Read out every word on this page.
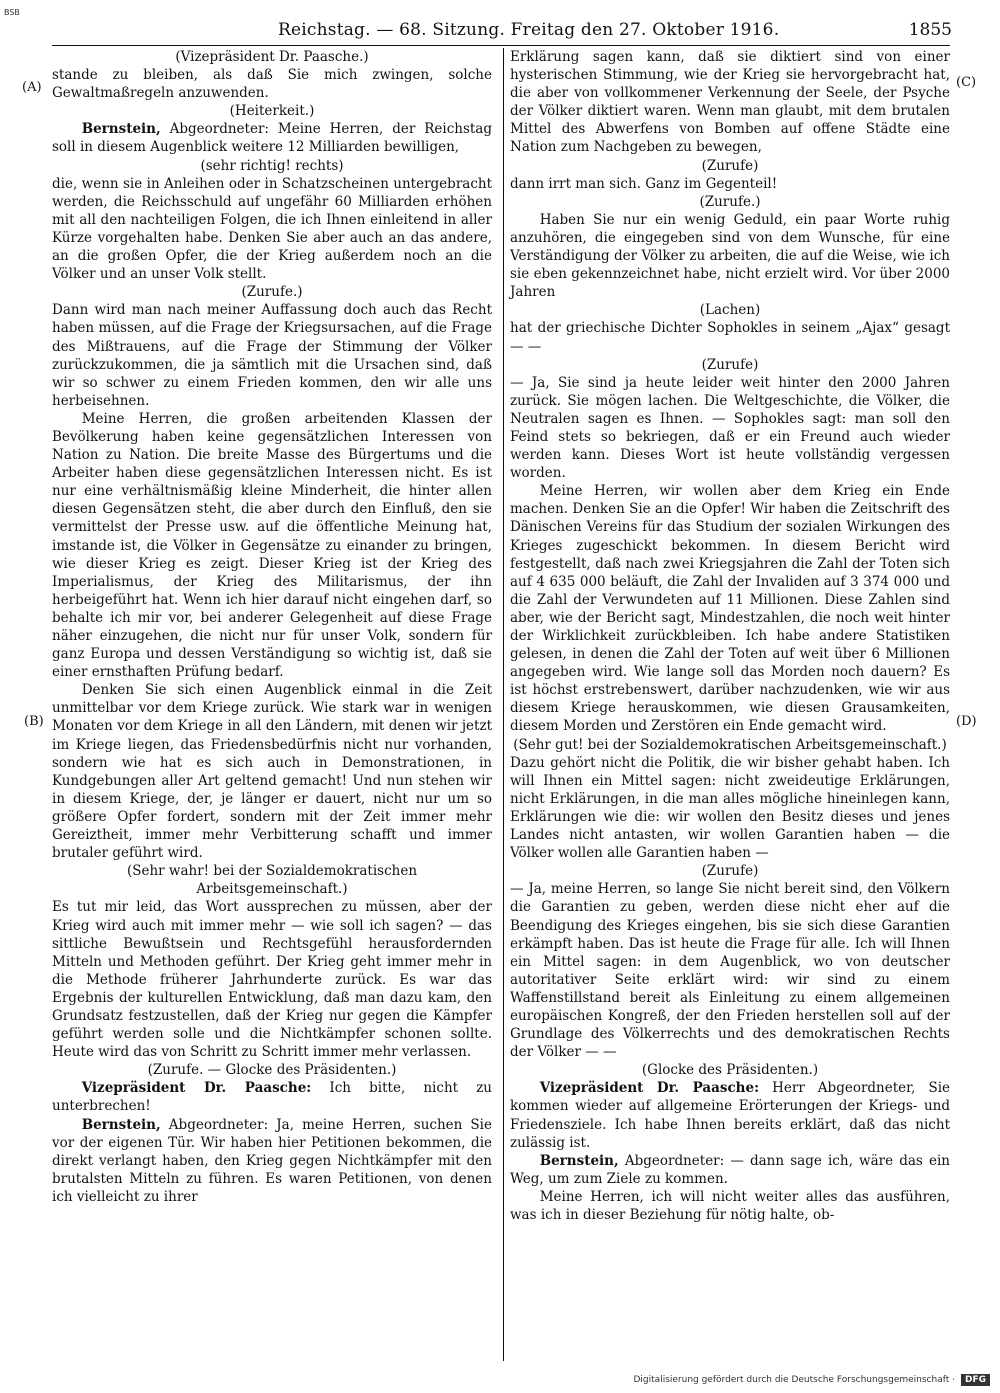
BSB
Reichstag. — 68. Sitzung. Freitag den 27. Oktober 1916.	1855
(A)
(B)
(C)
(D)

(Vizepräsident Dr. Paasche.)

stande zu bleiben, als daß Sie mich zwingen, solche Gewaltmaßregeln anzuwenden.

(Heiterkeit.)

Bernstein, Abgeordneter: Meine Herren, der Reichstag soll in diesem Augenblick weitere 12 Milliarden bewilligen,

(sehr richtig! rechts)

die, wenn sie in Anleihen oder in Schatzscheinen untergebracht werden, die Reichsschuld auf ungefähr 60 Milliarden erhöhen mit all den nachteiligen Folgen, die ich Ihnen einleitend in aller Kürze vorgehalten habe. Denken Sie aber auch an das andere, an die großen Opfer, die der Krieg außerdem noch an die Völker und an unser Volk stellt.

(Zurufe.)

Dann wird man nach meiner Auffassung doch auch das Recht haben müssen, auf die Frage der Kriegsursachen, auf die Frage des Mißtrauens, auf die Frage der Stimmung der Völker zurückzukommen, die ja sämtlich mit die Ursachen sind, daß wir so schwer zu einem Frieden kommen, den wir alle uns herbeisehnen.

Meine Herren, die großen arbeitenden Klassen der Bevölkerung haben keine gegensätzlichen Interessen von Nation zu Nation. Die breite Masse des Bürgertums und die Arbeiter haben diese gegensätzlichen Interessen nicht. Es ist nur eine verhältnismäßig kleine Minderheit, die hinter allen diesen Gegensätzen steht, die aber durch den Einfluß, den sie vermittelst der Presse usw. auf die öffentliche Meinung hat, imstande ist, die Völker in Gegensätze zu einander zu bringen, wie dieser Krieg es zeigt. Dieser Krieg ist der Krieg des Imperialismus, der Krieg des Militarismus, der ihn herbeigeführt hat. Wenn ich hier darauf nicht eingehen darf, so behalte ich mir vor, bei anderer Gelegenheit auf diese Frage näher einzugehen, die nicht nur für unser Volk, sondern für ganz Europa und dessen Verständigung so wichtig ist, daß sie einer ernsthaften Prüfung bedarf.

Denken Sie sich einen Augenblick einmal in die Zeit unmittelbar vor dem Kriege zurück. Wie stark war in wenigen Monaten vor dem Kriege in all den Ländern, mit denen wir jetzt im Kriege liegen, das Friedensbedürfnis nicht nur vorhanden, sondern wie hat es sich auch in Demonstrationen, in Kundgebungen aller Art geltend gemacht! Und nun stehen wir in diesem Kriege, der, je länger er dauert, nicht nur um so größere Opfer fordert, sondern mit der Zeit immer mehr Gereiztheit, immer mehr Verbitterung schafft und immer brutaler geführt wird.

(Sehr wahr! bei der Sozialdemokratischen Arbeitsgemeinschaft.)

Es tut mir leid, das Wort aussprechen zu müssen, aber der Krieg wird auch mit immer mehr — wie soll ich sagen? — das sittliche Bewußtsein und Rechtsgefühl herausfordernden Mitteln und Methoden geführt. Der Krieg geht immer mehr in die Methode früherer Jahrhunderte zurück. Es war das Ergebnis der kulturellen Entwicklung, daß man dazu kam, den Grundsatz festzustellen, daß der Krieg nur gegen die Kämpfer geführt werden solle und die Nichtkämpfer schonen sollte. Heute wird das von Schritt zu Schritt immer mehr verlassen.

(Zurufe. — Glocke des Präsidenten.)

Vizepräsident Dr. Paasche: Ich bitte, nicht zu unterbrechen!

Bernstein, Abgeordneter: Ja, meine Herren, suchen Sie vor der eigenen Tür. Wir haben hier Petitionen bekommen, die direkt verlangt haben, den Krieg gegen Nichtkämpfer mit den brutalsten Mitteln zu führen. Es waren Petitionen, von denen ich vielleicht zu ihrer

Erklärung sagen kann, daß sie diktiert sind von einer hysterischen Stimmung, wie der Krieg sie hervorgebracht hat, die aber von vollkommener Verkennung der Seele, der Psyche der Völker diktiert waren. Wenn man glaubt, mit dem brutalen Mittel des Abwerfens von Bomben auf offene Städte eine Nation zum Nachgeben zu bewegen,

(Zurufe)

dann irrt man sich. Ganz im Gegenteil!

(Zurufe.)

Haben Sie nur ein wenig Geduld, ein paar Worte ruhig anzuhören, die eingegeben sind von dem Wunsche, für eine Verständigung der Völker zu arbeiten, die auf die Weise, wie ich sie eben gekennzeichnet habe, nicht erzielt wird. Vor über 2000 Jahren

(Lachen)

hat der griechische Dichter Sophokles in seinem „Ajax“ gesagt — —

(Zurufe)

— Ja, Sie sind ja heute leider weit hinter den 2000 Jahren zurück. Sie mögen lachen. Die Weltgeschichte, die Völker, die Neutralen sagen es Ihnen. — Sophokles sagt: man soll den Feind stets so bekriegen, daß er ein Freund auch wieder werden kann. Dieses Wort ist heute vollständig vergessen worden.

Meine Herren, wir wollen aber dem Krieg ein Ende machen. Denken Sie an die Opfer! Wir haben die Zeitschrift des Dänischen Vereins für das Studium der sozialen Wirkungen des Krieges zugeschickt bekommen. In diesem Bericht wird festgestellt, daß nach zwei Kriegsjahren die Zahl der Toten sich auf 4 635 000 beläuft, die Zahl der Invaliden auf 3 374 000 und die Zahl der Verwundeten auf 11 Millionen. Diese Zahlen sind aber, wie der Bericht sagt, Mindestzahlen, die noch weit hinter der Wirklichkeit zurückbleiben. Ich habe andere Statistiken gelesen, in denen die Zahl der Toten auf weit über 6 Millionen angegeben wird. Wie lange soll das Morden noch dauern? Es ist höchst erstrebenswert, darüber nachzudenken, wie wir aus diesem Kriege herauskommen, wie diesen Grausamkeiten, diesem Morden und Zerstören ein Ende gemacht wird.

(Sehr gut! bei der Sozialdemokratischen Arbeitsgemeinschaft.)

Dazu gehört nicht die Politik, die wir bisher gehabt haben. Ich will Ihnen ein Mittel sagen: nicht zweideutige Erklärungen, nicht Erklärungen, in die man alles mögliche hineinlegen kann, Erklärungen wie die: wir wollen den Besitz dieses und jenes Landes nicht antasten, wir wollen Garantien haben — die Völker wollen alle Garantien haben —

(Zurufe)

— Ja, meine Herren, so lange Sie nicht bereit sind, den Völkern die Garantien zu geben, werden diese nicht eher auf die Beendigung des Krieges eingehen, bis sie sich diese Garantien erkämpft haben. Das ist heute die Frage für alle. Ich will Ihnen ein Mittel sagen: in dem Augenblick, wo von deutscher autoritativer Seite erklärt wird: wir sind zu einem Waffenstillstand bereit als Einleitung zu einem allgemeinen europäischen Kongreß, der den Frieden herstellen soll auf der Grundlage des Völkerrechts und des demokratischen Rechts der Völker — —

(Glocke des Präsidenten.)

Vizepräsident Dr. Paasche: Herr Abgeordneter, Sie kommen wieder auf allgemeine Erörterungen der Kriegs- und Friedensziele. Ich habe Ihnen bereits erklärt, daß das nicht zulässig ist.

Bernstein, Abgeordneter: — dann sage ich, wäre das ein Weg, um zum Ziele zu kommen.

Meine Herren, ich will nicht weiter alles das ausführen, was ich in dieser Beziehung für nötig halte, ob-

Digitalisierung gefördert durch die Deutsche Forschungsgemeinschaft ·	DFG
